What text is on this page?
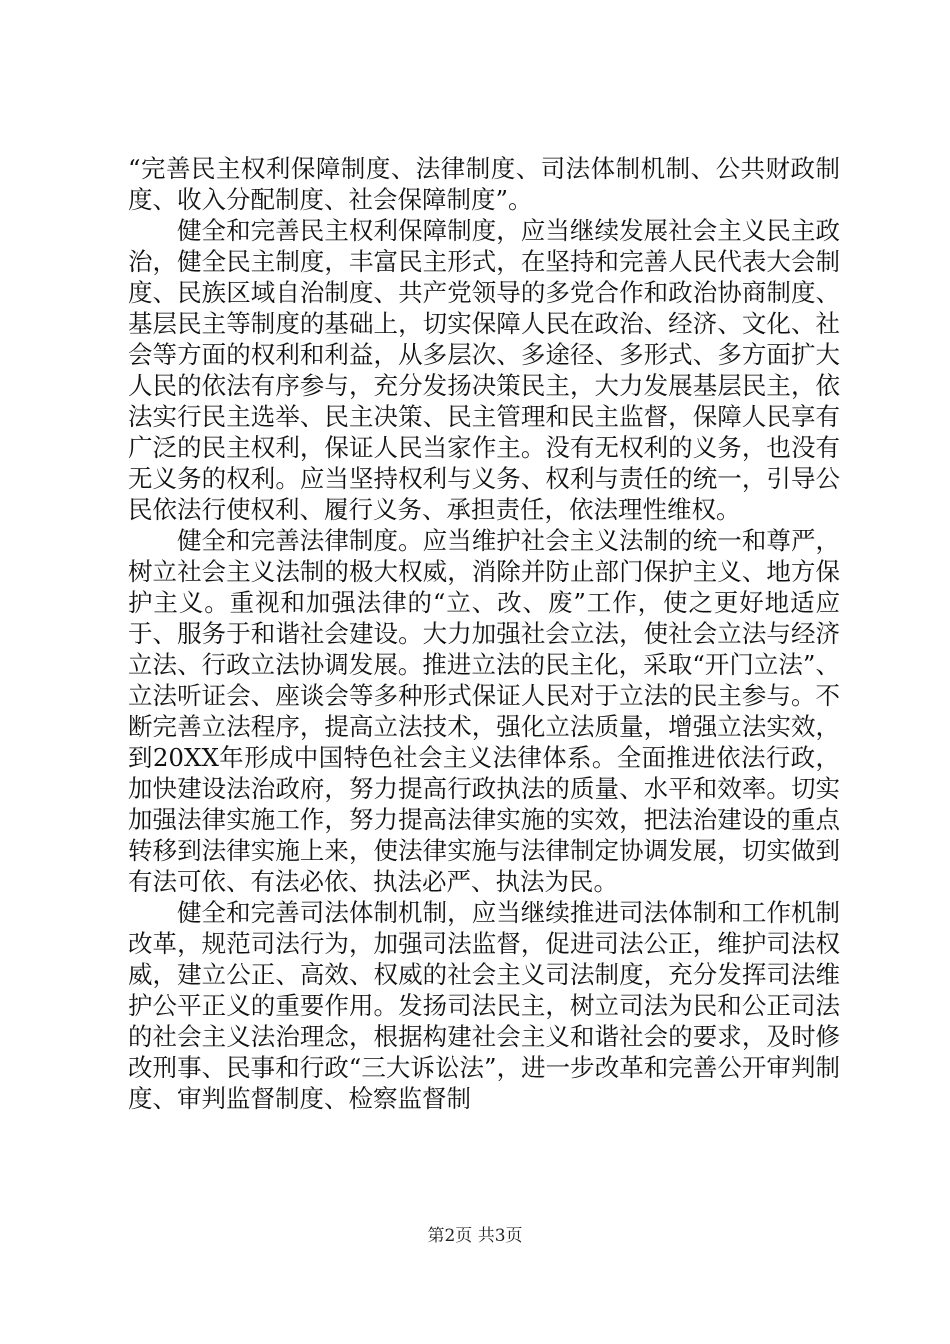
“完善民主权利保障制度、法律制度、司法体制机制、公共财政制度、收入分配制度、社会保障制度”。

健全和完善民主权利保障制度，应当继续发展社会主义民主政治，健全民主制度，丰富民主形式，在坚持和完善人民代表大会制度、民族区域自治制度、共产党领导的多党合作和政治协商制度、基层民主等制度的基础上，切实保障人民在政治、经济、文化、社会等方面的权利和利益，从多层次、多途径、多形式、多方面扩大人民的依法有序参与，充分发扬决策民主，大力发展基层民主，依法实行民主选举、民主决策、民主管理和民主监督，保障人民享有广泛的民主权利，保证人民当家作主。没有无权利的义务，也没有无义务的权利。应当坚持权利与义务、权利与责任的统一，引导公民依法行使权利、履行义务、承担责任，依法理性维权。

健全和完善法律制度。应当维护社会主义法制的统一和尊严，树立社会主义法制的极大权威，消除并防止部门保护主义、地方保护主义。重视和加强法律的“立、改、废”工作，使之更好地适应于、服务于和谐社会建设。大力加强社会立法，使社会立法与经济立法、行政立法协调发展。推进立法的民主化，采取“开门立法”、立法听证会、座谈会等多种形式保证人民对于立法的民主参与。不断完善立法程序，提高立法技术，强化立法质量，增强立法实效，到20XX年形成中国特色社会主义法律体系。全面推进依法行政，加快建设法治政府，努力提高行政执法的质量、水平和效率。切实加强法律实施工作，努力提高法律实施的实效，把法治建设的重点转移到法律实施上来，使法律实施与法律制定协调发展，切实做到有法可依、有法必依、执法必严、执法为民。

健全和完善司法体制机制，应当继续推进司法体制和工作机制改革，规范司法行为，加强司法监督，促进司法公正，维护司法权威，建立公正、高效、权威的社会主义司法制度，充分发挥司法维护公平正义的重要作用。发扬司法民主，树立司法为民和公正司法的社会主义法治理念，根据构建社会主义和谐社会的要求，及时修改刑事、民事和行政“三大诉讼法”，进一步改革和完善公开审判制度、审判监督制度、检察监督制

第2页 共3页
